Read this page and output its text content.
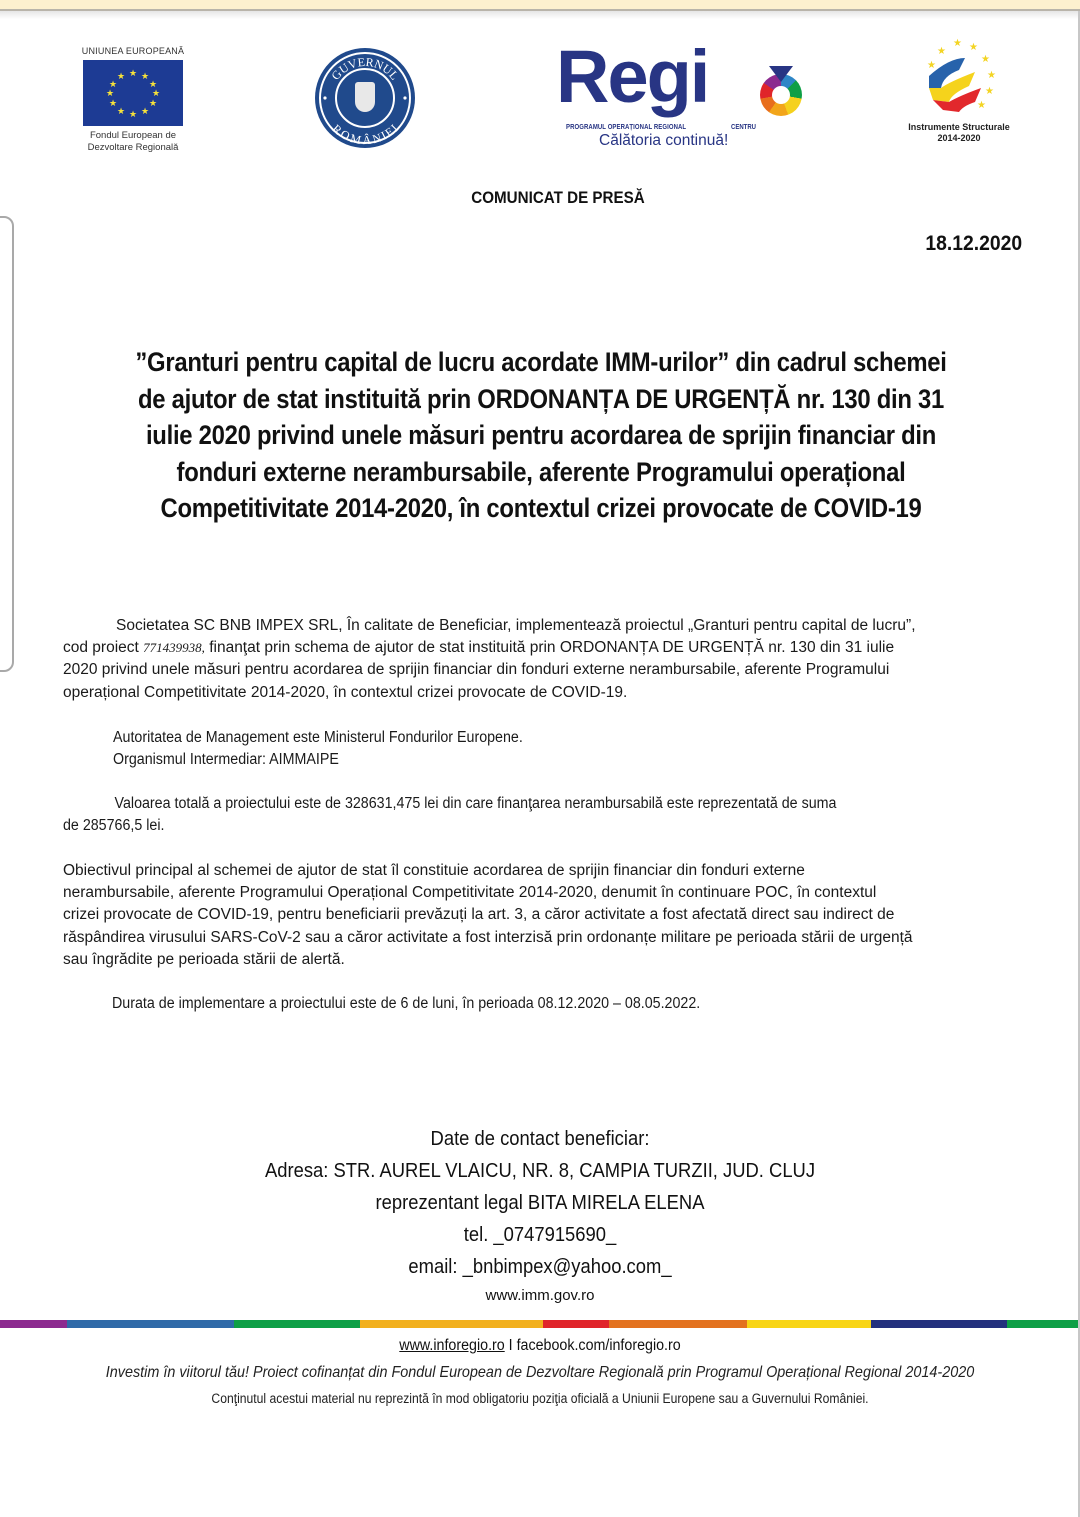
UNIUNEA EUROPEANĂ
★ ★
★
★
★
★
★
★
★
★
★
★
Fondul European de
Dezvoltare Regională
GUVERNUL
ROMÂNIEI
Regi
PROGRAMUL OPERAȚIONAL REGIONAL	CENTRU
Călătoria continuă!
★ ★
★
★
★
★
★
★
Instrumente Structurale
2014-2020
COMUNICAT DE PRESĂ
18.12.2020
”Granturi pentru capital de lucru acordate IMM-urilor” din cadrul schemei
de ajutor de stat instituită prin ORDONANȚA DE URGENȚĂ nr. 130 din 31
iulie 2020 privind unele măsuri pentru acordarea de sprijin financiar din
fonduri externe nerambursabile, aferente Programului operațional
Competitivitate 2014-2020, în contextul crizei provocate de COVID-19
Societatea SC BNB IMPEX SRL, În calitate de Beneficiar, implementează proiectul „Granturi pentru capital de lucru”,
cod proiect 771439938, finanţat prin schema de ajutor de stat instituită prin ORDONANȚA DE URGENȚĂ nr. 130 din 31 iulie
2020 privind unele măsuri pentru acordarea de sprijin financiar din fonduri externe nerambursabile, aferente Programului
operațional Competitivitate 2014-2020, în contextul crizei provocate de COVID-19.
Autoritatea de Management este Ministerul Fondurilor Europene.
Organismul Intermediar: AIMMAIPE
Valoarea totală a proiectului este de 328631,475 lei din care finanţarea nerambursabilă este reprezentată de suma
de 285766,5 lei.
Obiectivul principal al schemei de ajutor de stat îl constituie acordarea de sprijin financiar din fonduri externe
nerambursabile, aferente Programului Operațional Competitivitate 2014-2020, denumit în continuare POC, în contextul
crizei provocate de COVID-19, pentru beneficiarii prevăzuți la art. 3, a căror activitate a fost afectată direct sau indirect de
răspândirea virusului SARS-CoV-2 sau a căror activitate a fost interzisă prin ordonanțe militare pe perioada stării de urgență
sau îngrădite pe perioada stării de alertă.
Durata de implementare a proiectului este de 6 de luni, în perioada 08.12.2020 – 08.05.2022.
Date de contact beneficiar:
Adresa: STR. AUREL VLAICU, NR. 8, CAMPIA TURZII, JUD. CLUJ
reprezentant legal BITA MIRELA ELENA
tel. _0747915690_
email: _bnbimpex@yahoo.com_
www.imm.gov.ro
www.inforegio.ro I facebook.com/inforegio.ro
Investim în viitorul tău! Proiect cofinanțat din Fondul European de Dezvoltare Regională prin Programul Operațional Regional 2014-2020
Conţinutul acestui material nu reprezintă în mod obligatoriu poziţia oficială a Uniunii Europene sau a Guvernului României.
